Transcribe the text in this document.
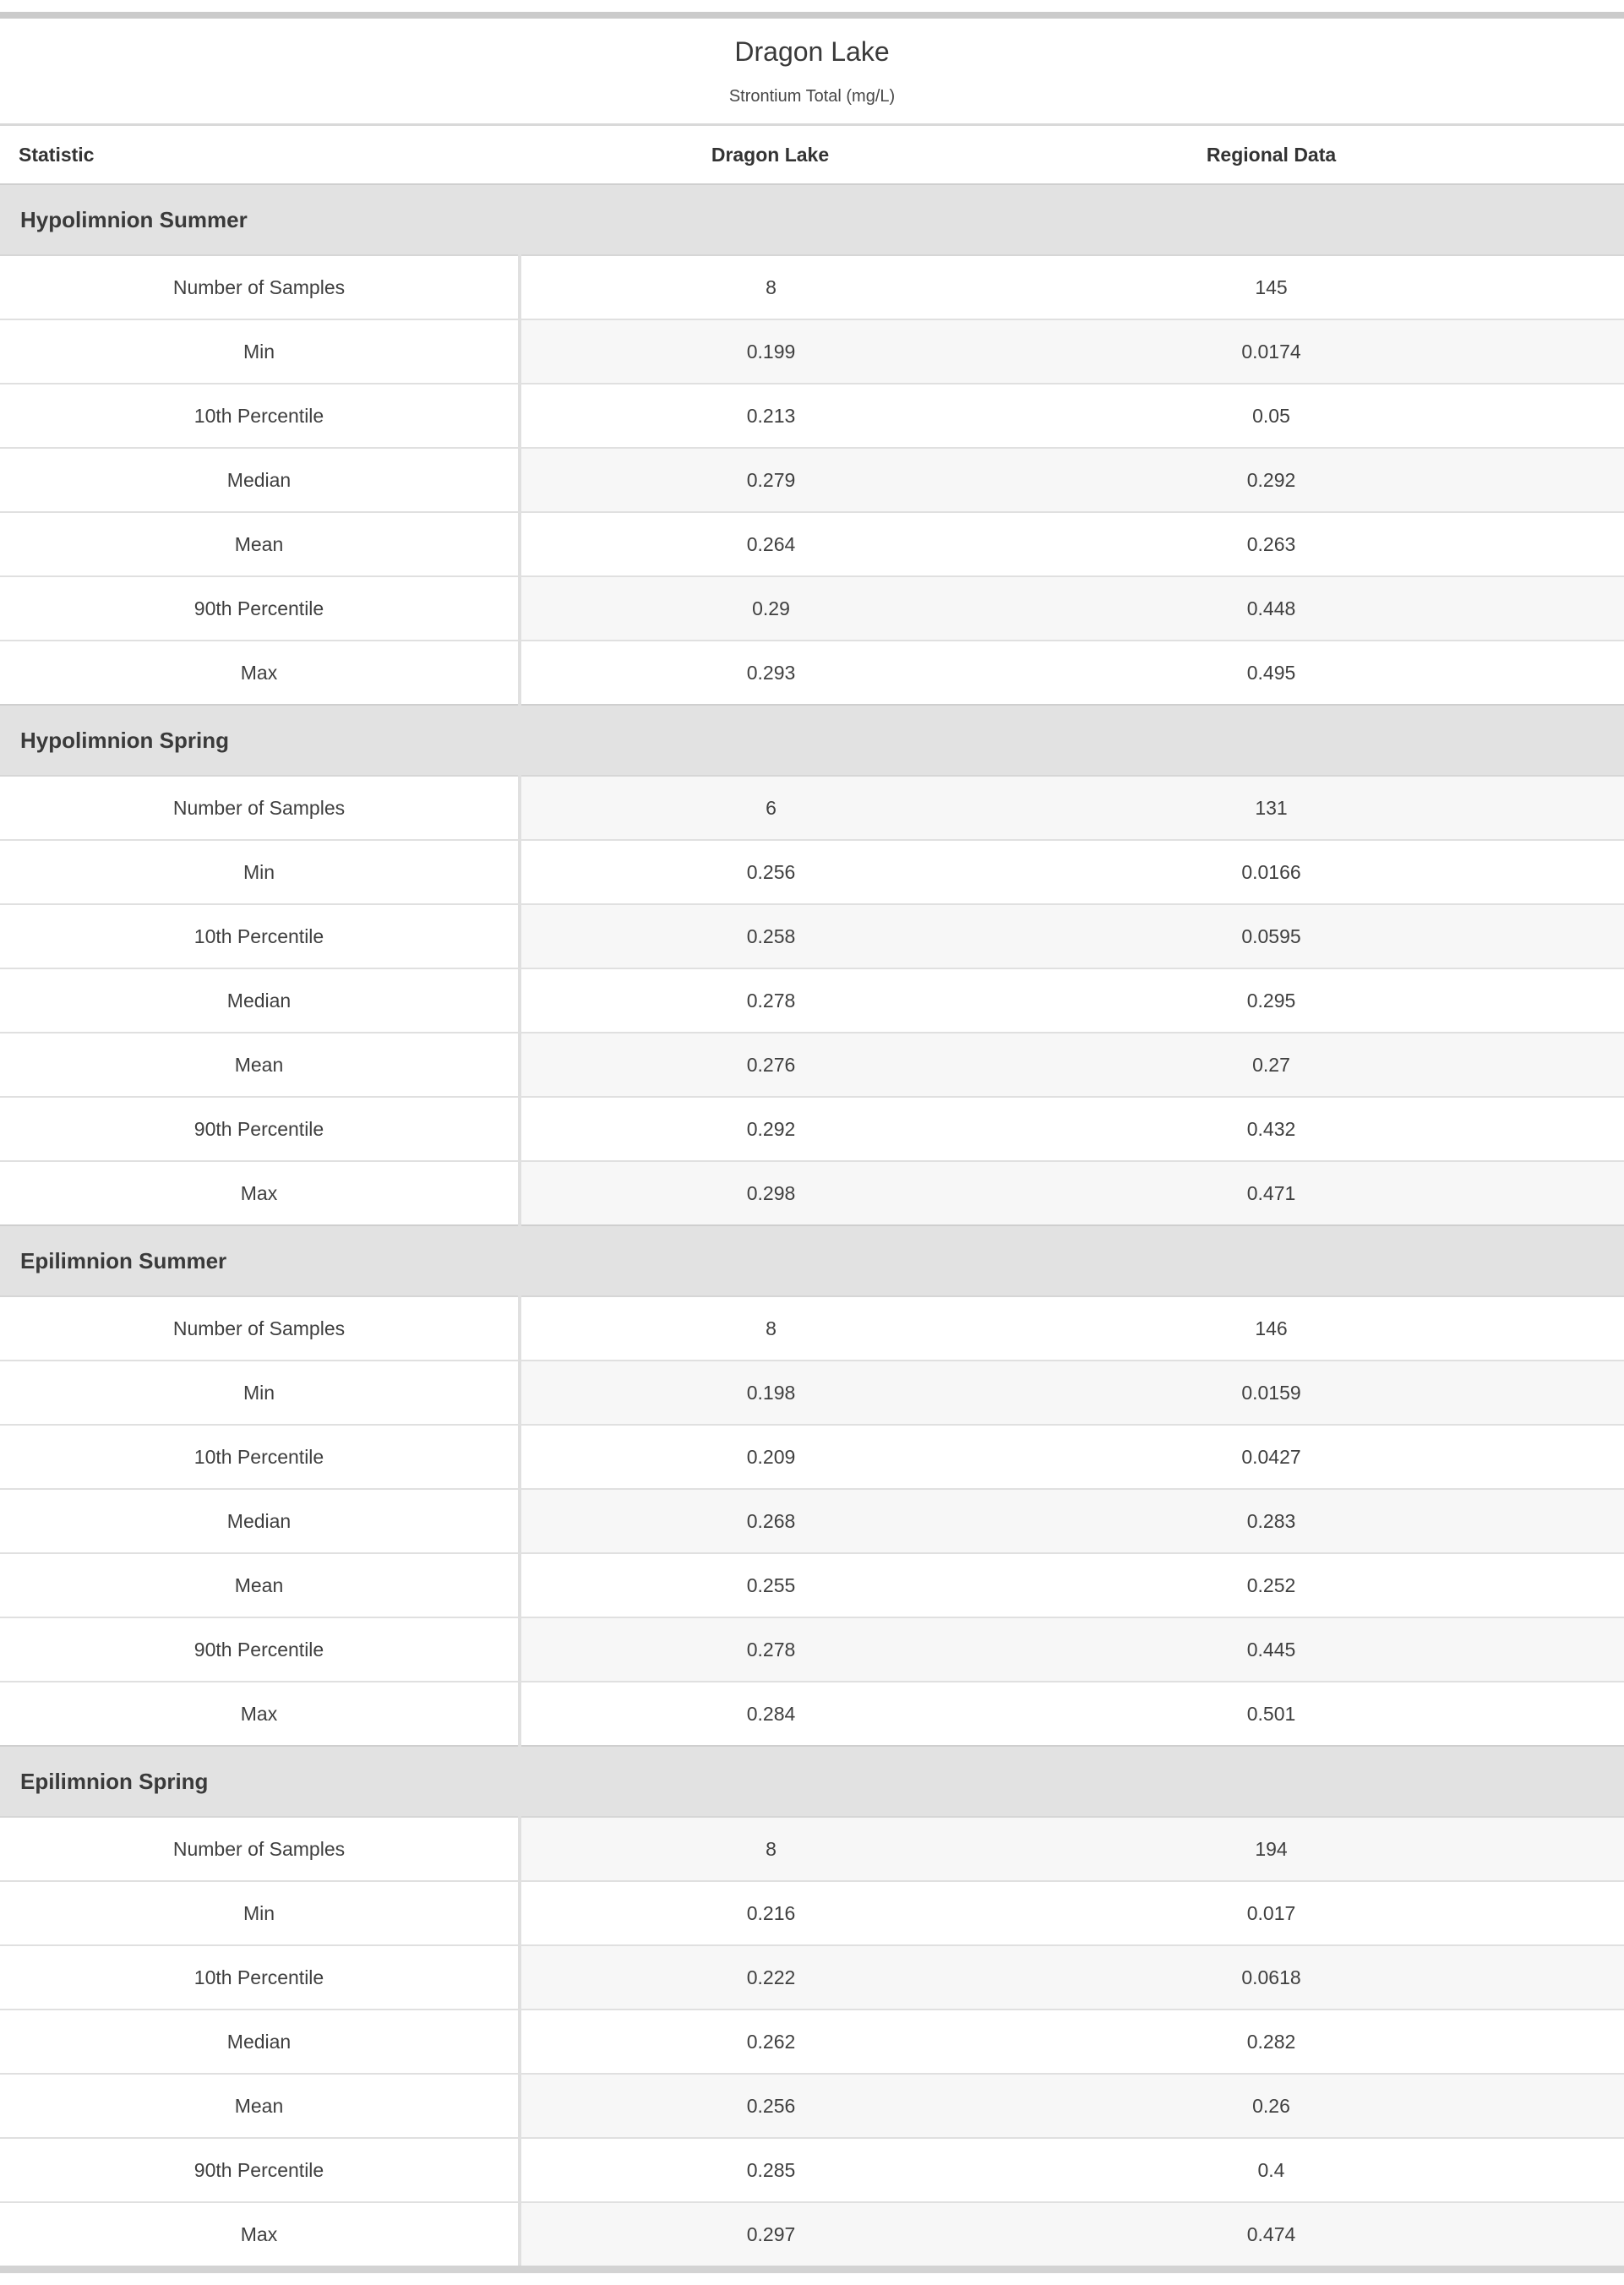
Dragon Lake
Strontium Total (mg/L)
Statistic	Dragon Lake	Regional Data	
Hypolimnion Summer			
Number of Samples	8	145	
Min	0.199	0.0174	
10th Percentile	0.213	0.05	
Median	0.279	0.292	
Mean	0.264	0.263	
90th Percentile	0.29	0.448	
Max	0.293	0.495	
Hypolimnion Spring			
Number of Samples	6	131	
Min	0.256	0.0166	
10th Percentile	0.258	0.0595	
Median	0.278	0.295	
Mean	0.276	0.27	
90th Percentile	0.292	0.432	
Max	0.298	0.471	
Epilimnion Summer			
Number of Samples	8	146	
Min	0.198	0.0159	
10th Percentile	0.209	0.0427	
Median	0.268	0.283	
Mean	0.255	0.252	
90th Percentile	0.278	0.445	
Max	0.284	0.501	
Epilimnion Spring			
Number of Samples	8	194	
Min	0.216	0.017	
10th Percentile	0.222	0.0618	
Median	0.262	0.282	
Mean	0.256	0.26	
90th Percentile	0.285	0.4	
Max	0.297	0.474	
